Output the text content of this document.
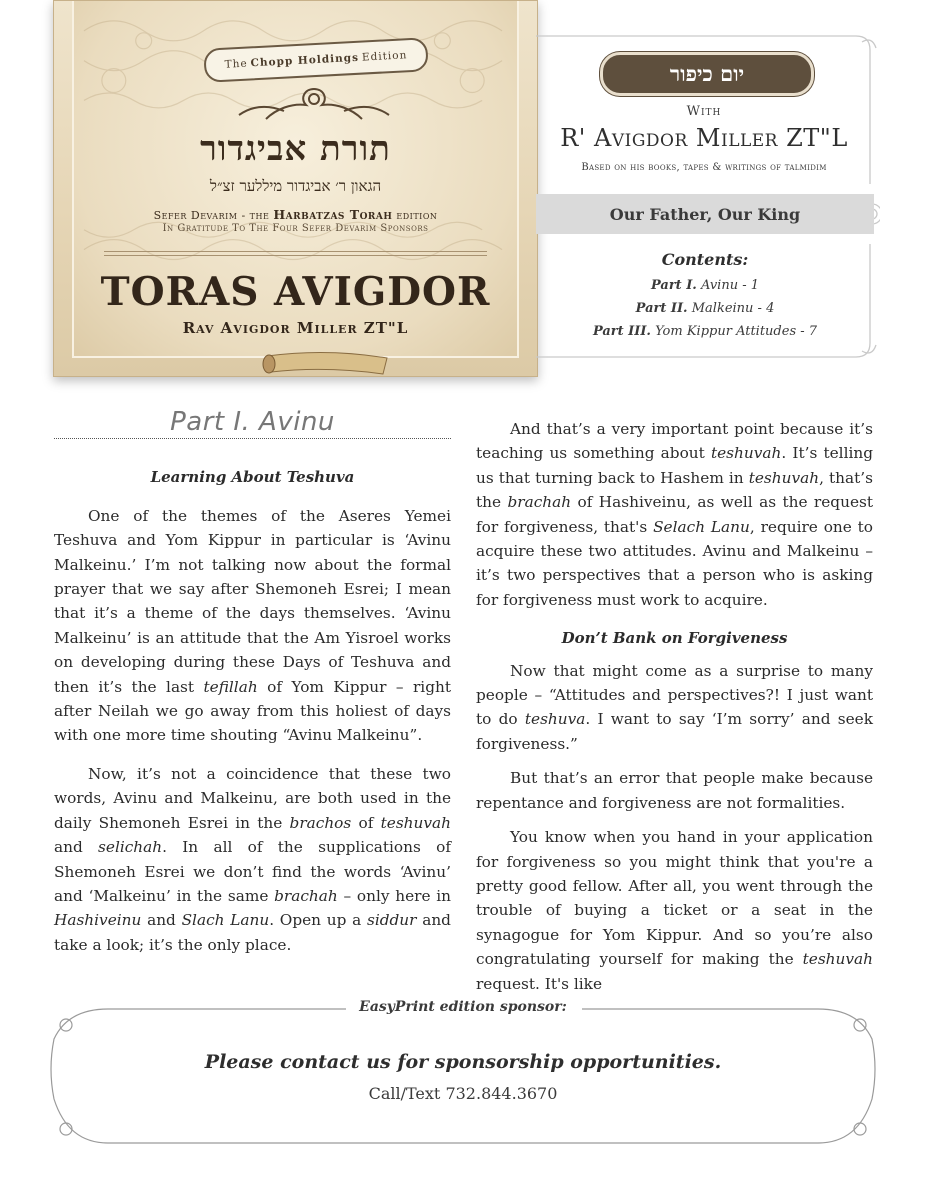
The Chopp Holdings Edition
תורת אביגדור
הגאון ר׳ אביגדור מיללער זצ״ל
Sefer Devarim - the Harbatzas Torah edition
In Gratitude To The Four Sefer Devarim Sponsors
TORAS AVIGDOR
Rav Avigdor Miller ZT"L
יום כיפור
With
R' Avigdor Miller ZT"L
Based on his books, tapes & writings of talmidim
Our Father, Our King
Contents:
Part I. Avinu - 1
Part II. Malkeinu - 4
Part III. Yom Kippur Attitudes - 7
Part I. Avinu
Learning About Teshuva

One of the themes of the Aseres Yemei Teshuva and Yom Kippur in particular is ‘Avinu Malkeinu.’ I’m not talking now about the formal prayer that we say after Shemoneh Esrei; I mean that it’s a theme of the days themselves. ‘Avinu Malkeinu’ is an attitude that the Am Yisroel works on developing during these Days of Teshuva and then it’s the last tefillah of Yom Kippur – right after Neilah we go away from this holiest of days with one more time shouting “Avinu Malkeinu”.

Now, it’s not a coincidence that these two words, Avinu and Malkeinu, are both used in the daily Shemoneh Esrei in the brachos of teshuvah and selichah. In all of the supplications of Shemoneh Esrei we don’t find the words ‘Avinu’ and ‘Malkeinu’ in the same brachah – only here in Hashiveinu and Slach Lanu. Open up a siddur and take a look; it’s the only place.

And that’s a very important point because it’s teaching us something about teshuvah. It’s telling us that turning back to Hashem in teshuvah, that’s the brachah of Hashiveinu, as well as the request for forgiveness, that's Selach Lanu, require one to acquire these two attitudes. Avinu and Malkeinu – it’s two perspectives that a person who is asking for forgiveness must work to acquire.

Don’t Bank on Forgiveness

Now that might come as a surprise to many people – “Attitudes and perspectives?! I just want to do teshuva. I want to say ‘I’m sorry’ and seek forgiveness.”

But that’s an error that people make because repentance and forgiveness are not formalities.

You know when you hand in your application for forgiveness so you might think that you're a pretty good fellow. After all, you went through the trouble of buying a ticket or a seat in the synagogue for Yom Kippur. And so you’re also congratulating yourself for making the teshuvah request. It's like

EasyPrint edition sponsor:
Please contact us for sponsorship opportunities.
Call/Text 732.844.3670
